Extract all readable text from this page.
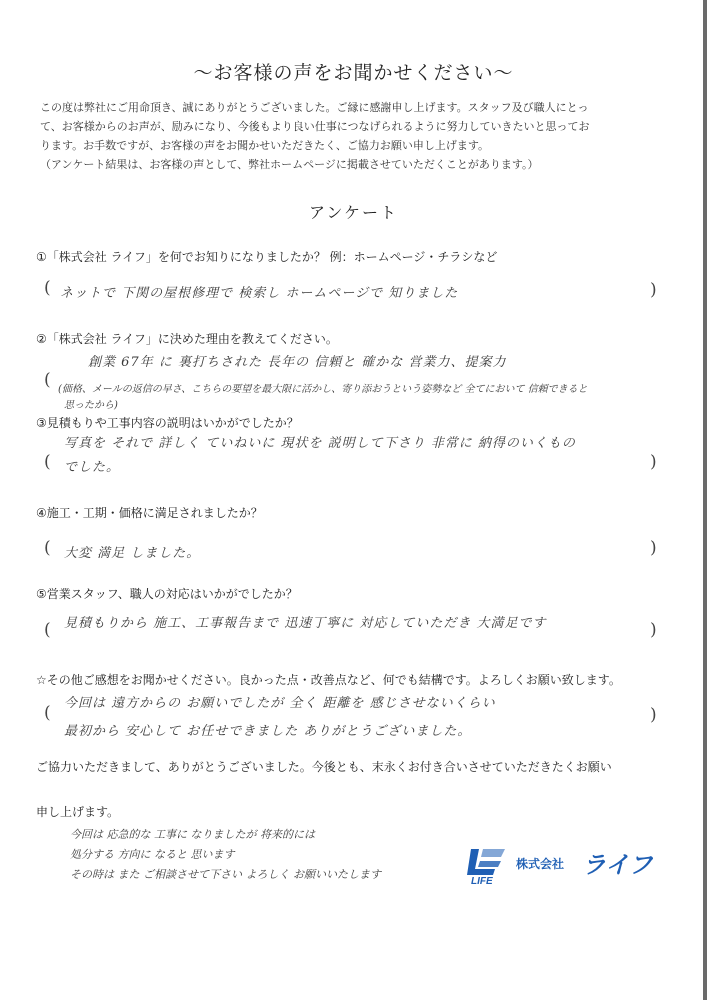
〜お客様の声をお聞かせください〜

この度は弊社にご用命頂き、誠にありがとうございました。ご縁に感謝申し上げます。スタッフ及び職人にとっ

て、お客様からのお声が、励みになり、今後もより良い仕事につなげられるように努力していきたいと思ってお

ります。お手数ですが、お客様の声をお聞かせいただきたく、ご協力お願い申し上げます。

（アンケート結果は、お客様の声として、弊社ホームページに掲載させていただくことがあります。）

アンケート
①「株式会社 ライフ」を何でお知りになりましたか？ 例：ホームページ・チラシなど
( ネットで 下関の屋根修理で 検索し ホームページで 知りました	)
②「株式会社 ライフ」に決めた理由を教えてください。
(
創業 67年 に 裏打ちされた 長年の 信頼と 確かな 営業力、提案力
(価格、メールの返信の早さ、こちらの要望を最大限に活かし、寄り添おうという姿勢など 全てにおいて 信頼できると
思ったから)
③見積もりや工事内容の説明はいかがでしたか？
写真を それで 詳しく ていねいに 現状を 説明して下さり 非常に 納得のいくもの
( でした。	)
④施工・工期・価格に満足されましたか？
( 大変 満足 しました。	)
⑤営業スタッフ、職人の対応はいかがでしたか？
( 見積もりから 施工、工事報告まで 迅速丁寧に 対応していただき 大満足です	)
☆その他ご感想をお聞かせください。良かった点・改善点など、何でも結構です。よろしくお願い致します。
( 今回は 遠方からの お願いでしたが 全く 距離を 感じさせないくらい
最初から 安心して お任せできました ありがとうございました。
)
ご協力いただきまして、ありがとうございました。今後とも、末永くお付き合いさせていただきたくお願い
申し上げます。
今回は 応急的な 工事に なりましたが 将来的には
処分する 方向に なると 思います
その時は また ご相談させて下さい よろしく お願いいたします
LIFE
株式会社 ライフ
